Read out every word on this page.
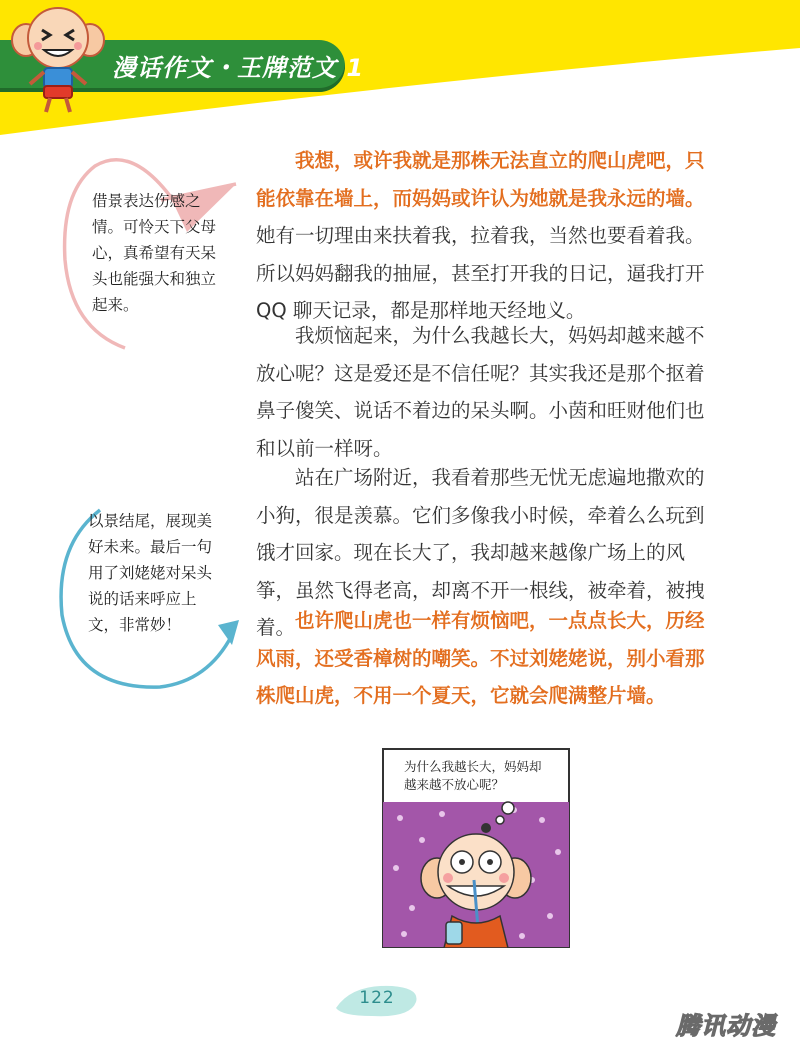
漫话作文・王牌范文 1
借景表达伤感之情。可怜天下父母心，真希望有天呆头也能强大和独立起来。
以景结尾，展现美好未来。最后一句用了刘姥姥对呆头说的话来呼应上文，非常妙！
我想，或许我就是那株无法直立的爬山虎吧，只能依靠在墙上，而妈妈或许认为她就是我永远的墙。她有一切理由来扶着我，拉着我，当然也要看着我。所以妈妈翻我的抽屉，甚至打开我的日记，逼我打开 QQ 聊天记录，都是那样地天经地义。
我烦恼起来，为什么我越长大，妈妈却越来越不放心呢？这是爱还是不信任呢？其实我还是那个抠着鼻子傻笑、说话不着边的呆头啊。小茵和旺财他们也和以前一样呀。
站在广场附近，我看着那些无忧无虑遍地撒欢的小狗，很是羡慕。它们多像我小时候，牵着么么玩到饿才回家。现在长大了，我却越来越像广场上的风筝，虽然飞得老高，却离不开一根线，被牵着，被拽着。 也许爬山虎也一样有烦恼吧，一点点长大，历经风雨，还受香樟树的嘲笑。不过刘姥姥说，别小看那株爬山虎，不用一个夏天，它就会爬满整片墙。
为什么我越长大，妈妈却
越来越不放心呢？
122
腾讯动漫
